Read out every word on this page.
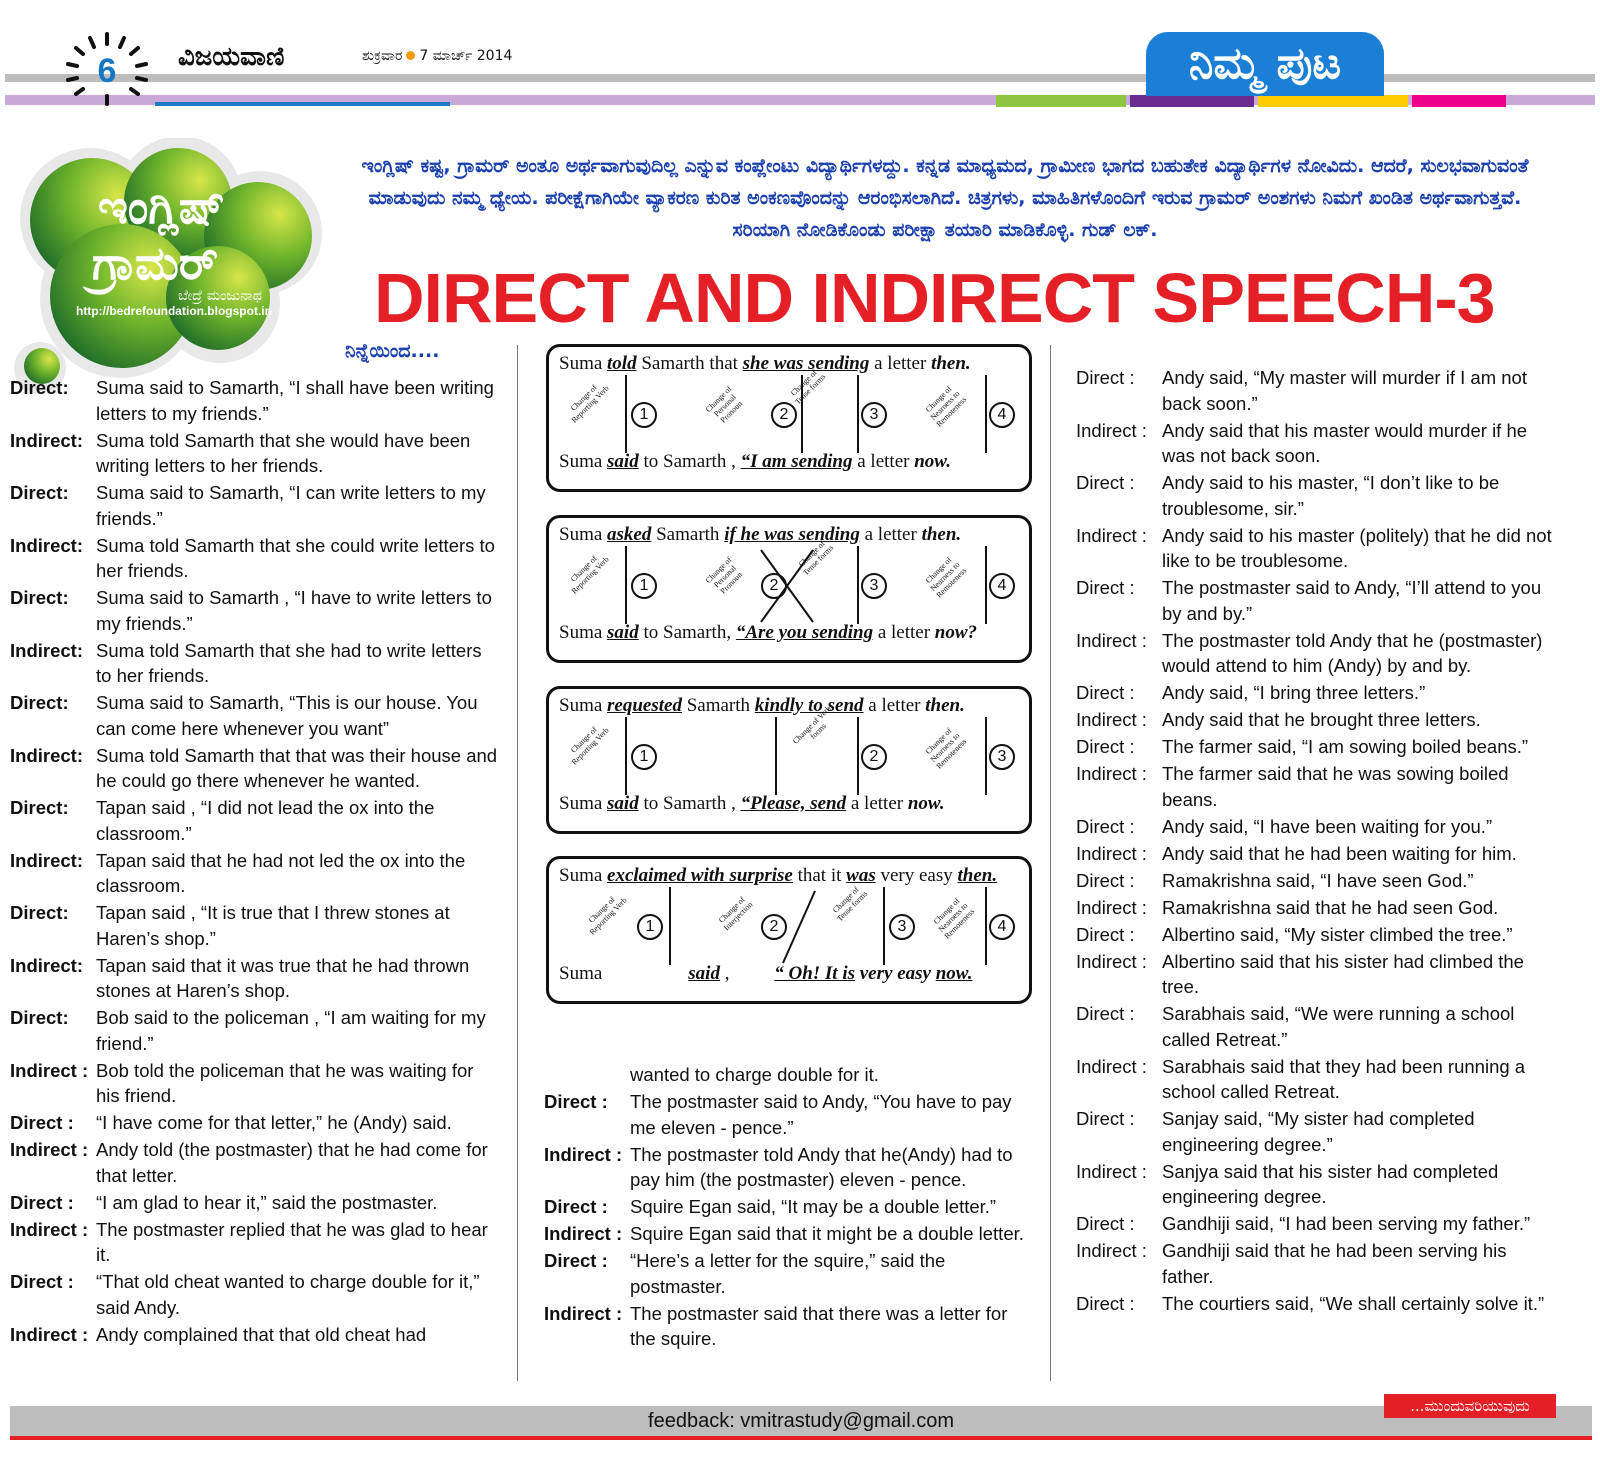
6 ವಿಜಯವಾಣಿ	ಶುಕ್ರವಾರ 7 ಮಾರ್ಚ್ 2014	ನಿಮ್ಮ ಪುಟ
ಇಂಗ್ಲಿಷ್
ಗ್ರಾಮರ್
ಬೇದ್ರೆ ಮಂಜುನಾಥ
http://bedrefoundation.blogspot.in
ಇಂಗ್ಲಿಷ್ ಕಷ್ಟ, ಗ್ರಾಮರ್ ಅಂತೂ ಅರ್ಥವಾಗುವುದಿಲ್ಲ ಎನ್ನುವ ಕಂಪ್ಲೇಂಟು ವಿದ್ಯಾರ್ಥಿಗಳದ್ದು. ಕನ್ನಡ ಮಾಧ್ಯಮದ, ಗ್ರಾಮೀಣ ಭಾಗದ ಬಹುತೇಕ ವಿದ್ಯಾರ್ಥಿಗಳ ನೋವಿದು. ಆದರೆ, ಸುಲಭವಾಗುವಂತೆ ಮಾಡುವುದು ನಮ್ಮ ಧ್ಯೇಯ. ಪರೀಕ್ಷೆಗಾಗಿಯೇ ವ್ಯಾಕರಣ ಕುರಿತ ಅಂಕಣವೊಂದನ್ನು ಆರಂಭಿಸಲಾಗಿದೆ. ಚಿತ್ರಗಳು, ಮಾಹಿತಿಗಳೊಂದಿಗೆ ಇರುವ ಗ್ರಾಮರ್ ಅಂಶಗಳು ನಿಮಗೆ ಖಂಡಿತ ಅರ್ಥವಾಗುತ್ತವೆ. ಸರಿಯಾಗಿ ನೋಡಿಕೊಂಡು ಪರೀಕ್ಷಾ ತಯಾರಿ ಮಾಡಿಕೊಳ್ಳಿ. ಗುಡ್ ಲಕ್.
DIRECT AND INDIRECT SPEECH-3
ನಿನ್ನೆಯಿಂದ....
Direct:	Suma said to Samarth, “I shall have been writing letters to my friends.”
Indirect: Suma told Samarth that she would have been writing letters to her friends.
Direct:	Suma said to Samarth, “I can write letters to my friends.”
Indirect: Suma told Samarth that she could write letters to her friends.
Direct:	Suma said to Samarth , “I have to write letters to my friends.”
Indirect: Suma told Samarth that she had to write letters to her friends.
Direct:	Suma said to Samarth, “This is our house. You can come here whenever you want”
Indirect: Suma told Samarth that that was their house and he could go there whenever he wanted.
Direct:	Tapan said , “I did not lead the ox into the classroom.”
Indirect: Tapan said that he had not led the ox into the classroom.
Direct:	Tapan said , “It is true that I threw stones at Haren’s shop.”
Indirect: Tapan said that it was true that he had thrown stones at Haren’s shop.
Direct:	Bob said to the policeman , “I am waiting for my friend.”
Indirect : Bob told the policeman that he was waiting for his friend.
Direct :	“I have come for that letter,” he (Andy) said.
Indirect : Andy told (the postmaster) that he had come for that letter.
Direct :	“I am glad to hear it,” said the postmaster.
Indirect : The postmaster replied that he was glad to hear it.
Direct :	“That old cheat wanted to charge double for it,” said Andy.
Indirect : Andy complained that that old cheat had
Suma told Samarth that she was sending a letter then.
Change of Reporting Verb	1
Change of Personal Pronoun	2
Change of Tense forms
3
Change of Nearness to Remoteness	4
Suma said to Samarth , “I am sending a letter now.
Suma asked Samarth if he was sending a letter then.
Change of Reporting Verb	1
Change of Personal Pronoun	2
Change of Tense forms
3
Change of Nearness to Remoteness	4
Suma said to Samarth, “Are you sending a letter now?
Suma requested Samarth kindly to send a letter then.
Change of Reporting Verb	1
Change of Verb forms
2
Change of Nearness to Remoteness	3
Suma said to Samarth , “Please, send a letter now.
Suma exclaimed with surprise that it was very easy then.
Change of Reporting Verb	1
Change of Interjection 2
Change of Tense forms
3
Change of Nearness to Remoteness	4
Suma	said , “ Oh! It is very easy now.
wanted to charge double for it.
Direct :	The postmaster said to Andy, “You have to pay me eleven - pence.”
Indirect : The postmaster told Andy that he(Andy) had to pay him (the postmaster) eleven - pence.
Direct :	Squire Egan said, “It may be a double letter.”
Indirect : Squire Egan said that it might be a double letter.
Direct :	“Here’s a letter for the squire,” said the postmaster.
Indirect : The postmaster said that there was a letter for the squire.
Direct :	Andy said, “My master will murder if I am not back soon.”
Indirect : Andy said that his master would murder if he was not back soon.
Direct :	Andy said to his master, “I don’t like to be troublesome, sir.”
Indirect : Andy said to his master (politely) that he did not like to be troublesome.
Direct :	The postmaster said to Andy, “I’ll attend to you by and by.”
Indirect : The postmaster told Andy that he (postmaster) would attend to him (Andy) by and by.
Direct :	Andy said, “I bring three letters.”
Indirect : Andy said that he brought three letters.
Direct :	The farmer said, “I am sowing boiled beans.”
Indirect : The farmer said that he was sowing boiled beans.
Direct :	Andy said, “I have been waiting for you.”
Indirect : Andy said that he had been waiting for him.
Direct :	Ramakrishna said, “I have seen God.”
Indirect : Ramakrishna said that he had seen God.
Direct :	Albertino said, “My sister climbed the tree.”
Indirect : Albertino said that his sister had climbed the tree.
Direct :	Sarabhais said, “We were running a school called Retreat.”
Indirect : Sarabhais said that they had been running a school called Retreat.
Direct :	Sanjay said, “My sister had completed engineering degree.”
Indirect : Sanjya said that his sister had completed engineering degree.
Direct :	Gandhiji said, “I had been serving my father.”
Indirect : Gandhiji said that he had been serving his father.
Direct :	The courtiers said, “We shall certainly solve it.”
feedback: vmitrastudy@gmail.com
...ಮುಂದುವರಿಯುವುದು
